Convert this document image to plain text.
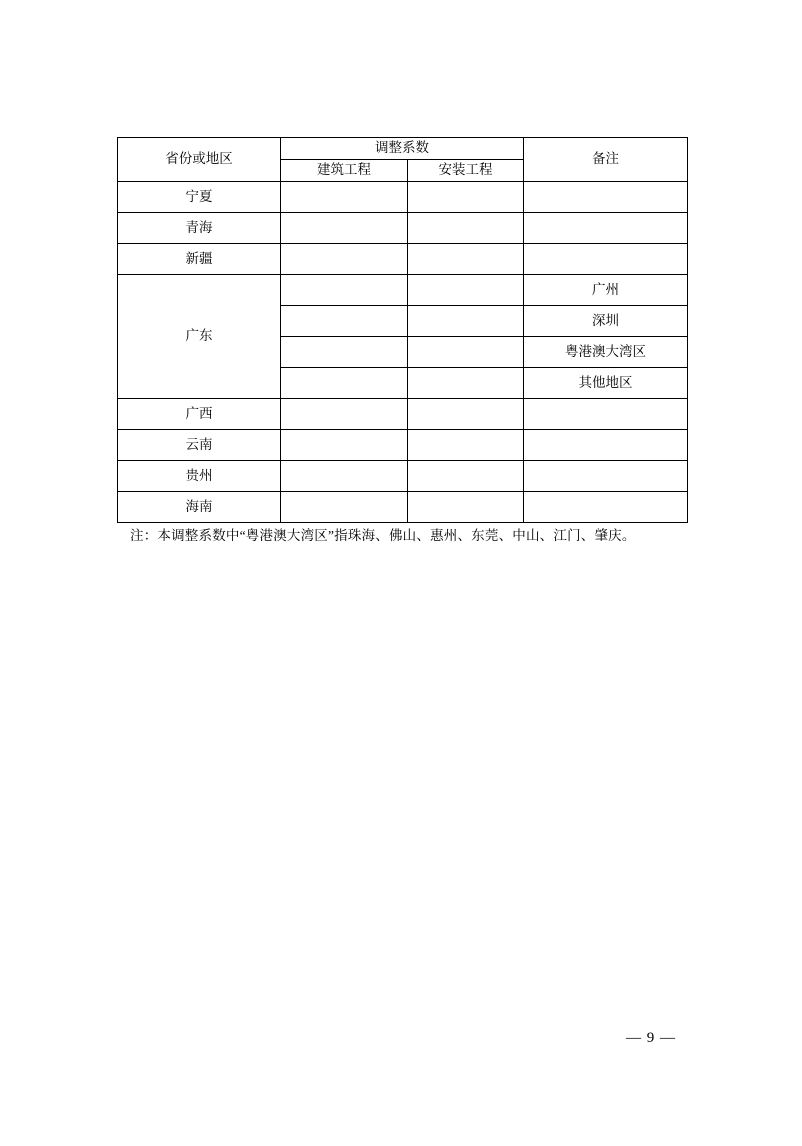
省份或地区	调整系数		备注
	建筑工程	安装工程	
宁夏			
青海			
新疆			
广东			广州
			深圳
			粤港澳大湾区
			其他地区
广西			
云南			
贵州			
海南			
注：本调整系数中“粤港澳大湾区”指珠海、佛山、惠州、东莞、中山、江门、肇庆。
— 9 —
